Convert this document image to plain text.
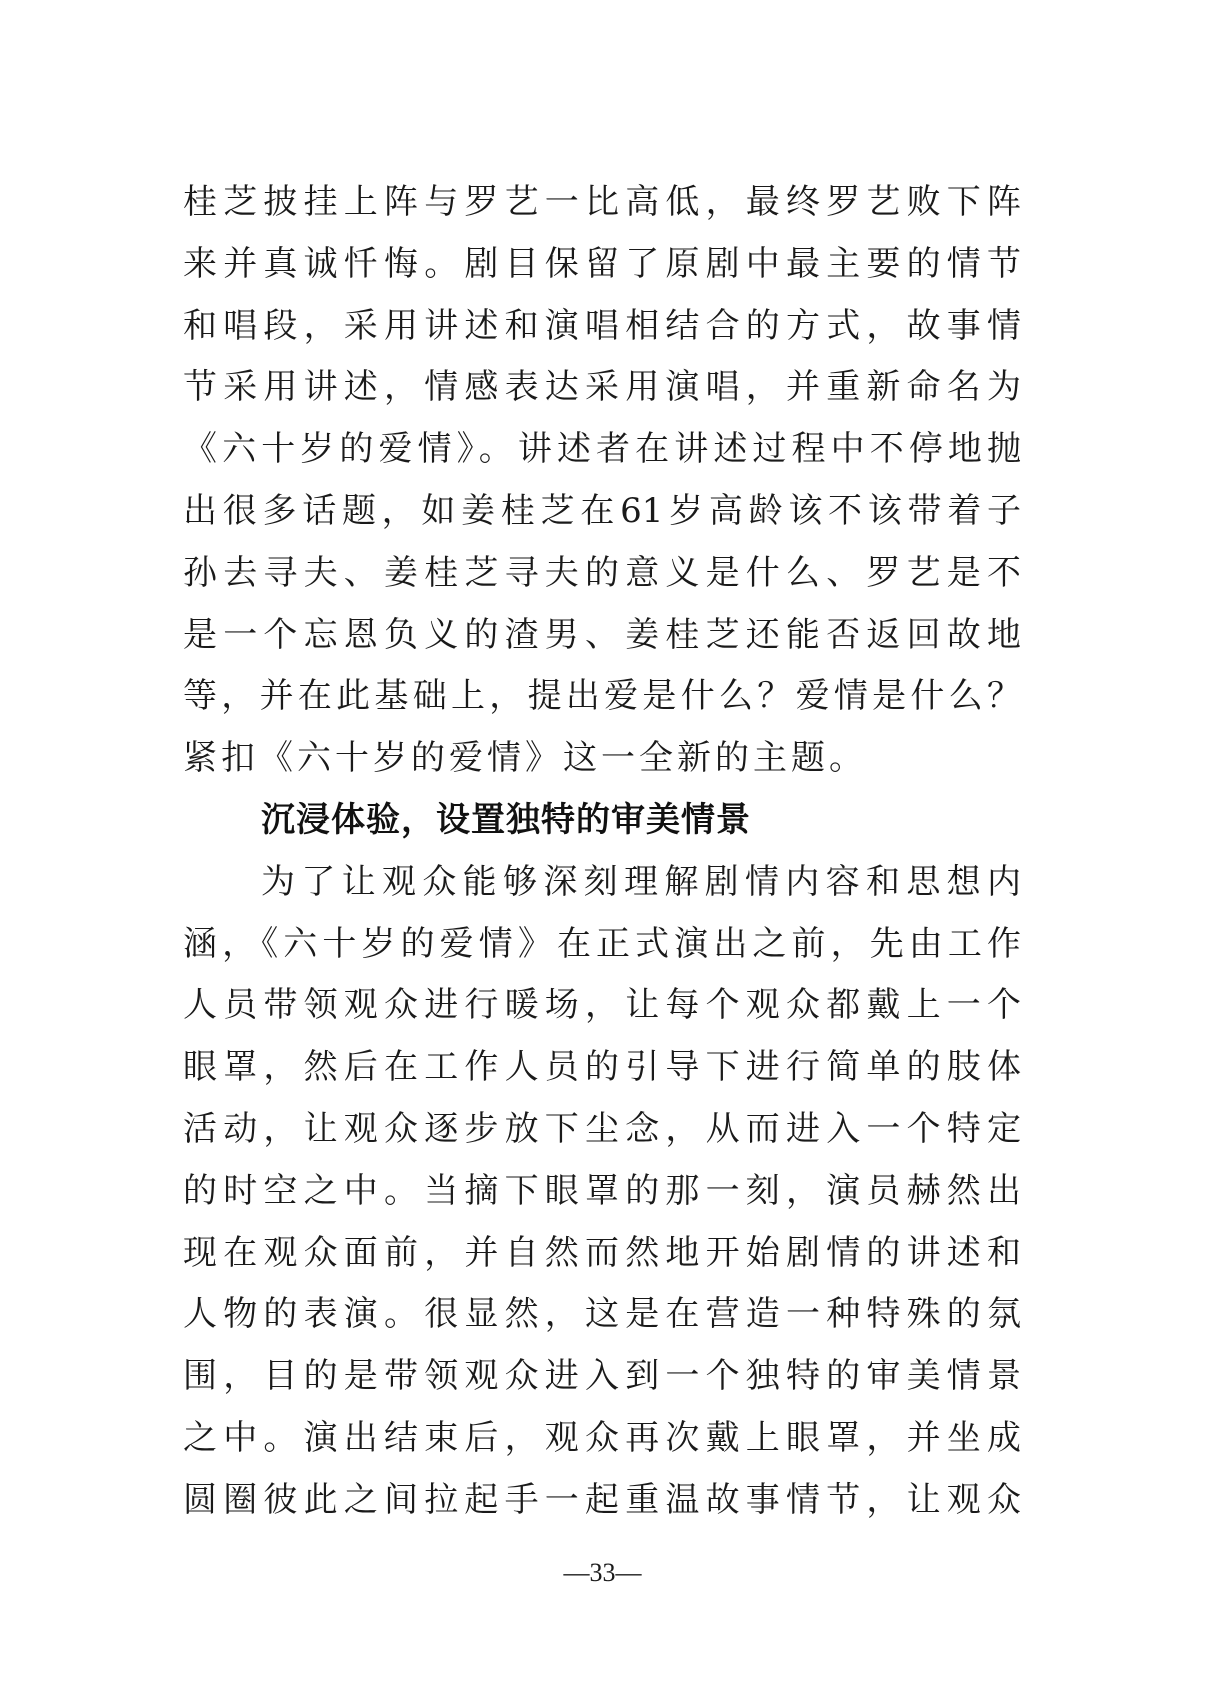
桂芝披挂上阵与罗艺一比高低，最终罗艺败下阵
来并真诚忏悔。剧目保留了原剧中最主要的情节
和唱段，采用讲述和演唱相结合的方式，故事情
节采用讲述，情感表达采用演唱，并重新命名为
《六十岁的爱情》。讲述者在讲述过程中不停地抛
出很多话题，如姜桂芝在61岁高龄该不该带着子
孙去寻夫、姜桂芝寻夫的意义是什么、罗艺是不
是一个忘恩负义的渣男、姜桂芝还能否返回故地
等，并在此基础上，提出爱是什么？爱情是什么？
紧扣《六十岁的爱情》这一全新的主题。
沉浸体验，设置独特的审美情景
为了让观众能够深刻理解剧情内容和思想内
涵，《六十岁的爱情》在正式演出之前，先由工作
人员带领观众进行暖场，让每个观众都戴上一个
眼罩，然后在工作人员的引导下进行简单的肢体
活动，让观众逐步放下尘念，从而进入一个特定
的时空之中。当摘下眼罩的那一刻，演员赫然出
现在观众面前，并自然而然地开始剧情的讲述和
人物的表演。很显然，这是在营造一种特殊的氛
围，目的是带领观众进入到一个独特的审美情景
之中。演出结束后，观众再次戴上眼罩，并坐成
圆圈彼此之间拉起手一起重温故事情节，让观众
—33—
